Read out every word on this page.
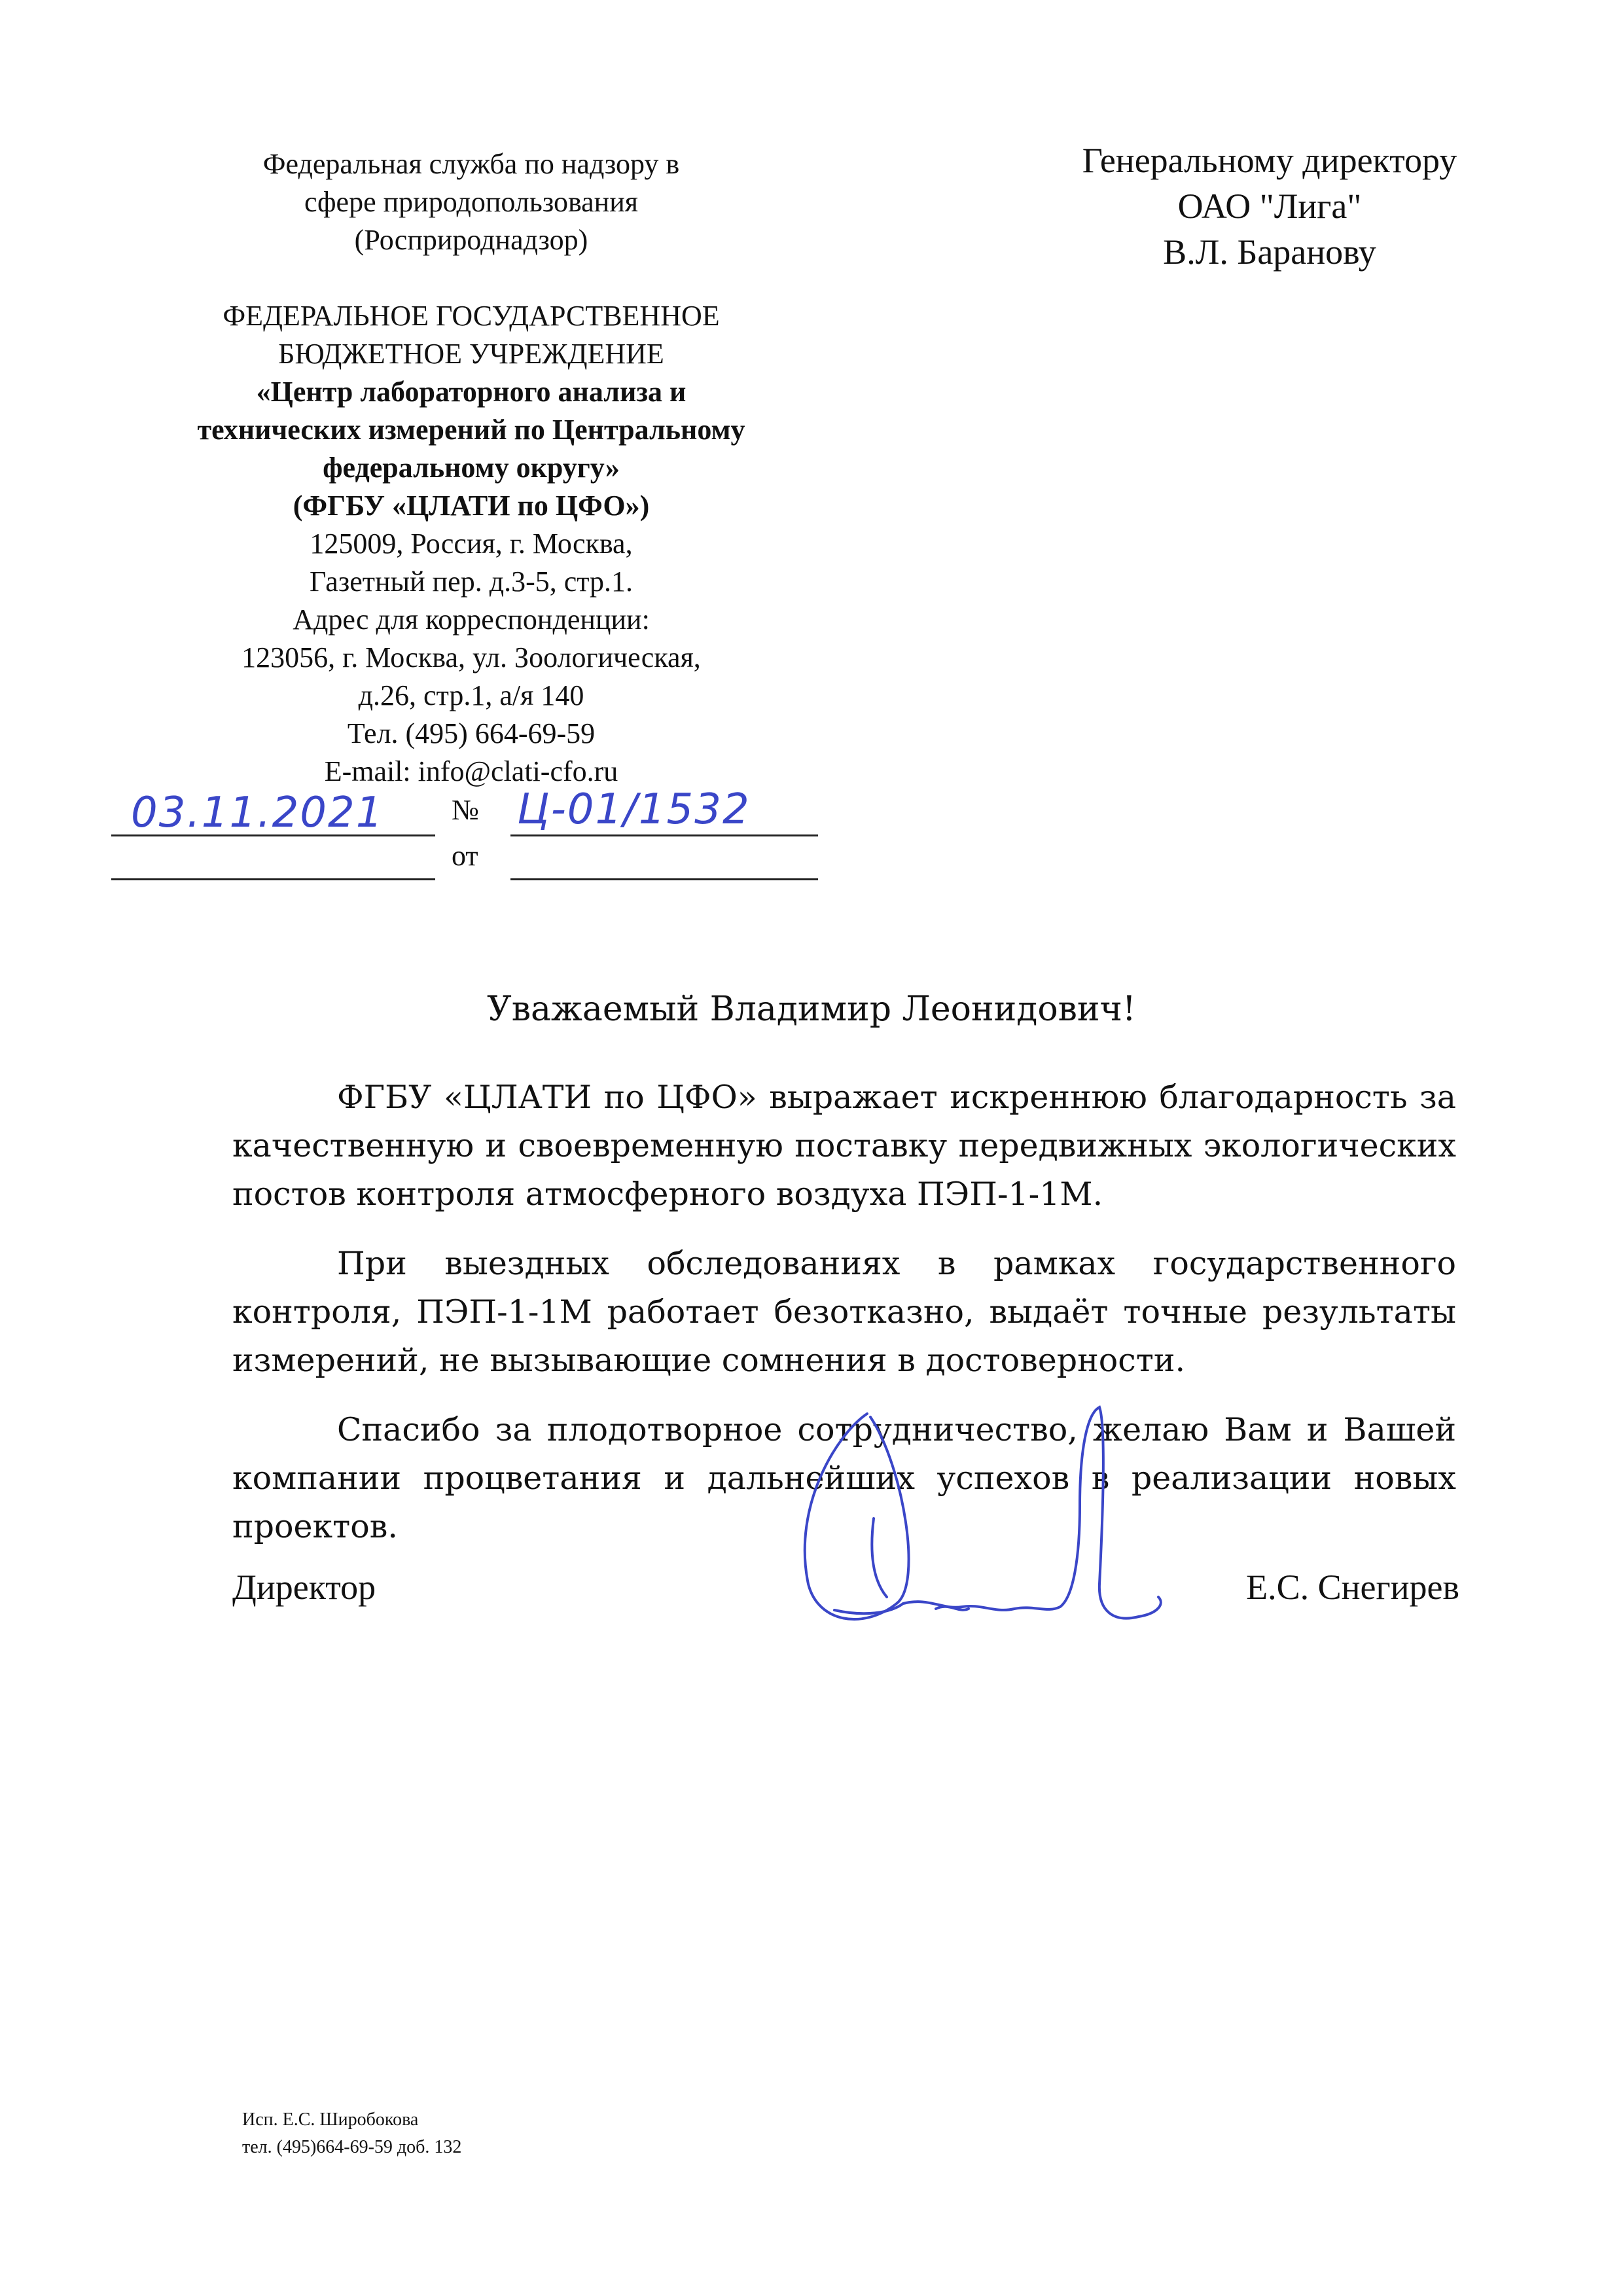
Федеральная служба по надзору в
сфере природопользования
(Росприроднадзор)
ФЕДЕРАЛЬНОЕ ГОСУДАРСТВЕННОЕ
БЮДЖЕТНОЕ УЧРЕЖДЕНИЕ
«Центр лабораторного анализа и
технических измерений по Центральному
федеральному округу»
(ФГБУ «ЦЛАТИ по ЦФО»)
125009, Россия, г. Москва,
Газетный пер. д.3-5, стр.1.
Адрес для корреспонденции:
123056, г. Москва, ул. Зоологическая,
д.26, стр.1, а/я 140
Тел. (495) 664-69-59
E-mail: info@clati-cfo.ru
Генеральному директору
ОАО "Лига"
В.Л. Баранову
03.11.2021 № Ц-01/1532
от
Уважаемый Владимир Леонидович!

ФГБУ «ЦЛАТИ по ЦФО» выражает искреннюю благодарность за качественную и своевременную поставку передвижных экологических постов контроля атмосферного воздуха ПЭП-1-1М.

При выездных обследованиях в рамках государственного контроля, ПЭП-1-1М работает безотказно, выдаёт точные результаты измерений, не вызывающие сомнения в достоверности.

Спасибо за плодотворное сотрудничество, желаю Вам и Вашей компании процветания и дальнейших успехов в реализации новых проектов.

Директор	Е.С. Снегирев
Исп. Е.С. Широбокова
тел. (495)664-69-59 доб. 132
